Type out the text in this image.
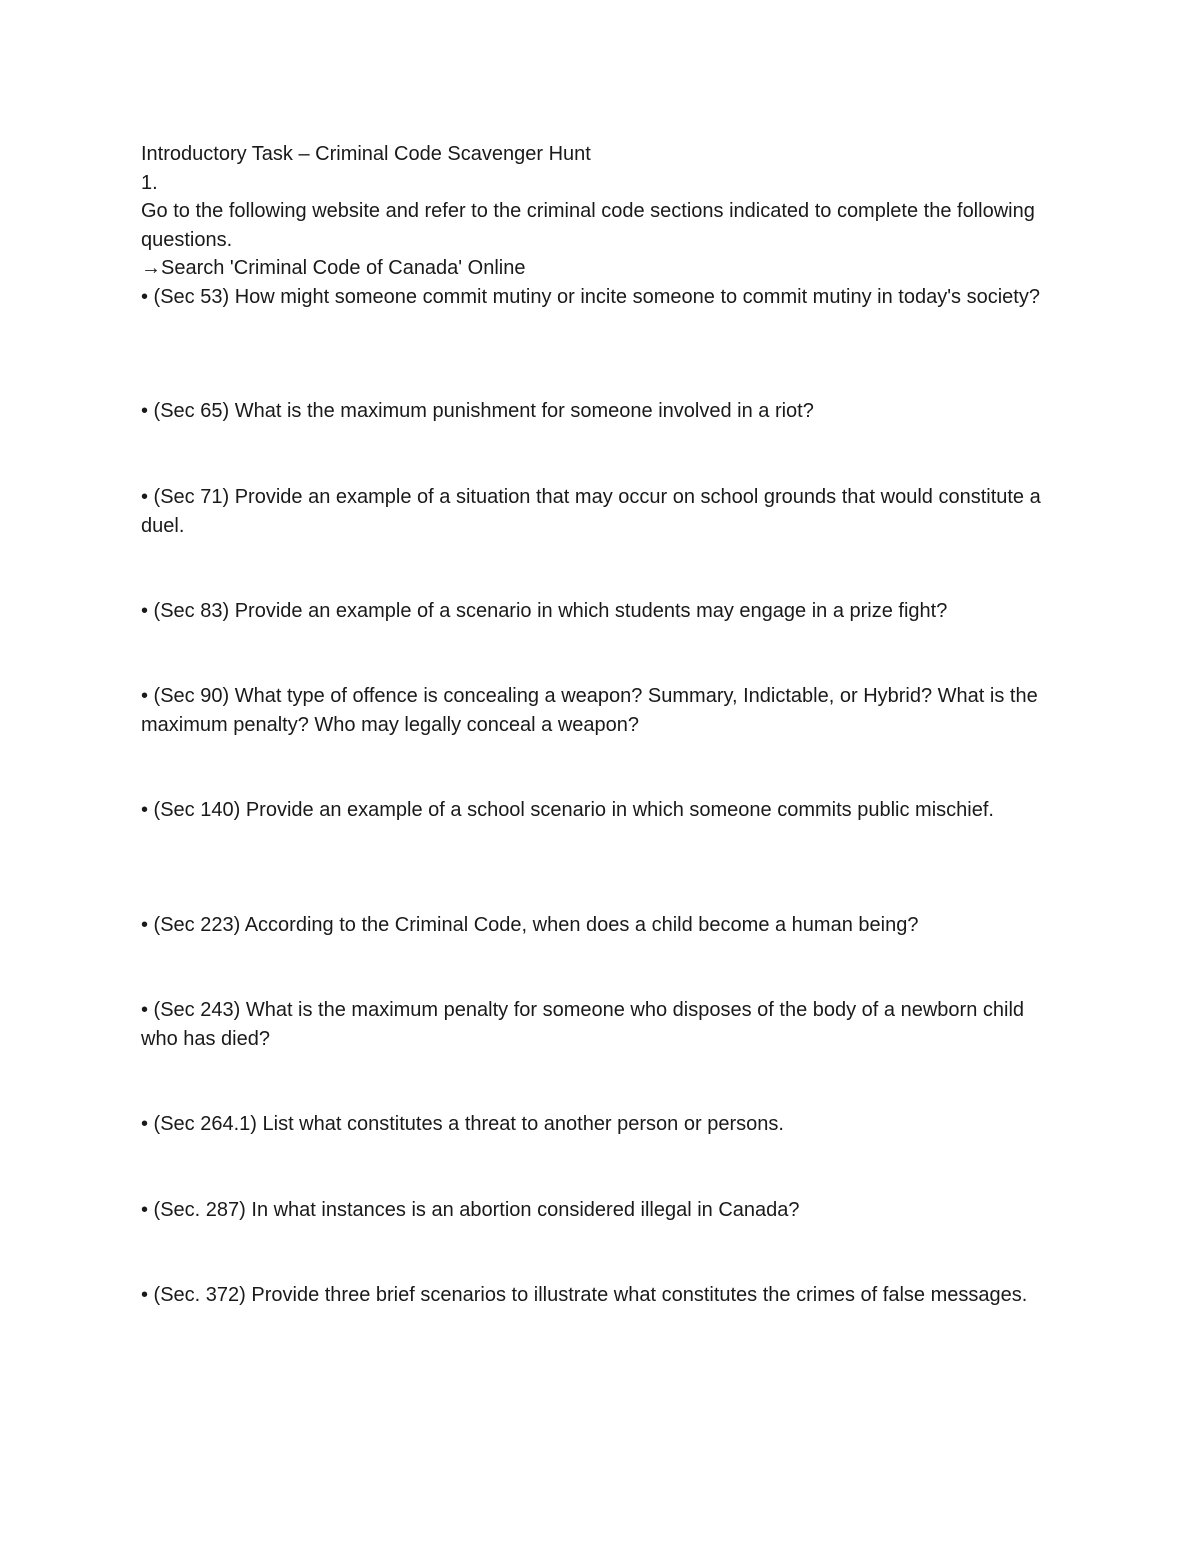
Introductory Task – Criminal Code Scavenger Hunt

1.

Go to the following website and refer to the criminal code sections indicated to complete the following questions.

→Search 'Criminal Code of Canada' Online

• (Sec 53) How might someone commit mutiny or incite someone to commit mutiny in today's society?

• (Sec 65) What is the maximum punishment for someone involved in a riot?

• (Sec 71) Provide an example of a situation that may occur on school grounds that would constitute a duel.

• (Sec 83) Provide an example of a scenario in which students may engage in a prize fight?

• (Sec 90) What type of offence is concealing a weapon? Summary, Indictable, or Hybrid? What is the maximum penalty? Who may legally conceal a weapon?

• (Sec 140) Provide an example of a school scenario in which someone commits public mischief.

• (Sec 223) According to the Criminal Code, when does a child become a human being?

• (Sec 243) What is the maximum penalty for someone who disposes of the body of a newborn child who has died?

• (Sec 264.1) List what constitutes a threat to another person or persons.

• (Sec. 287) In what instances is an abortion considered illegal in Canada?

• (Sec. 372) Provide three brief scenarios to illustrate what constitutes the crimes of false messages.
